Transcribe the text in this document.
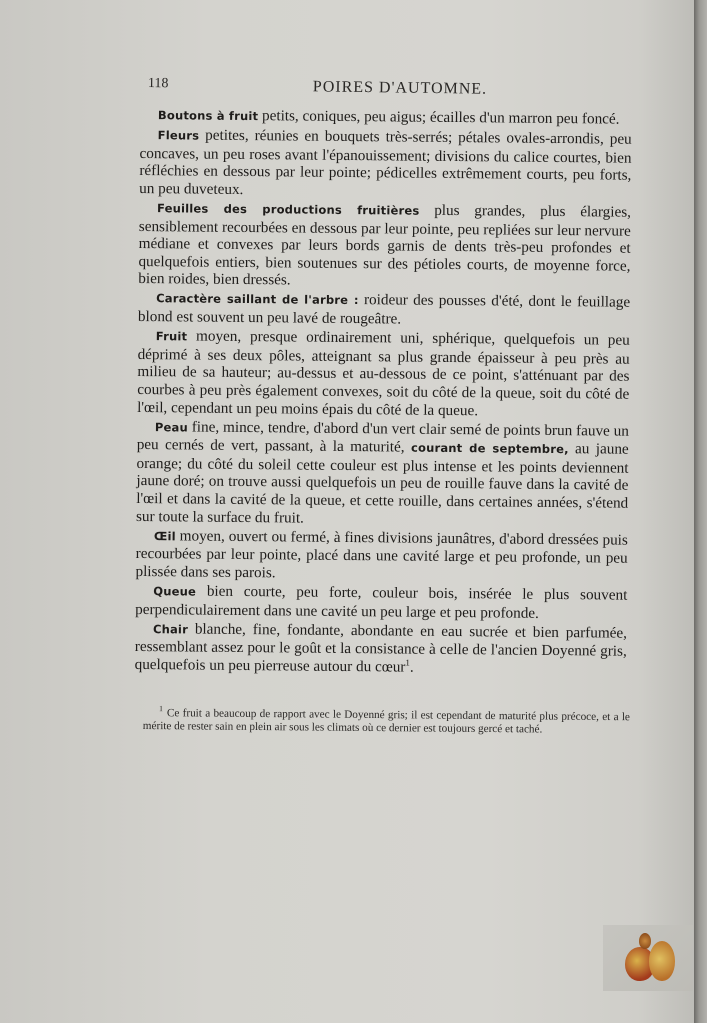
118	POIRES D'AUTOMNE.

Boutons à fruit petits, coniques, peu aigus; écailles d'un marron peu foncé.

Fleurs petites, réunies en bouquets très-serrés; pétales ovales-arrondis, peu concaves, un peu roses avant l'épanouissement; divisions du calice courtes, bien réfléchies en dessous par leur pointe; pédicelles extrêmement courts, peu forts, un peu duveteux.

Feuilles des productions fruitières plus grandes, plus élargies, sensiblement recourbées en dessous par leur pointe, peu repliées sur leur nervure médiane et convexes par leurs bords garnis de dents très-peu profondes et quelquefois entiers, bien soutenues sur des pétioles courts, de moyenne force, bien roides, bien dressés.

Caractère saillant de l'arbre : roideur des pousses d'été, dont le feuillage blond est souvent un peu lavé de rougeâtre.

Fruit moyen, presque ordinairement uni, sphérique, quelquefois un peu déprimé à ses deux pôles, atteignant sa plus grande épaisseur à peu près au milieu de sa hauteur; au-dessus et au-dessous de ce point, s'atténuant par des courbes à peu près également convexes, soit du côté de la queue, soit du côté de l'œil, cependant un peu moins épais du côté de la queue.

Peau fine, mince, tendre, d'abord d'un vert clair semé de points brun fauve un peu cernés de vert, passant, à la maturité, courant de septembre, au jaune orange; du côté du soleil cette couleur est plus intense et les points deviennent jaune doré; on trouve aussi quelquefois un peu de rouille fauve dans la cavité de l'œil et dans la cavité de la queue, et cette rouille, dans certaines années, s'étend sur toute la surface du fruit.

Œil moyen, ouvert ou fermé, à fines divisions jaunâtres, d'abord dressées puis recourbées par leur pointe, placé dans une cavité large et peu profonde, un peu plissée dans ses parois.

Queue bien courte, peu forte, couleur bois, insérée le plus souvent perpendiculairement dans une cavité un peu large et peu profonde.

Chair blanche, fine, fondante, abondante en eau sucrée et bien parfumée, ressemblant assez pour le goût et la consistance à celle de l'ancien Doyenné gris, quelquefois un peu pierreuse autour du cœur$^1$.

$^1$ Ce fruit a beaucoup de rapport avec le Doyenné gris; il est cependant de maturité plus précoce, et a le mérite de rester sain en plein air sous les climats où ce dernier est toujours gercé et taché.
